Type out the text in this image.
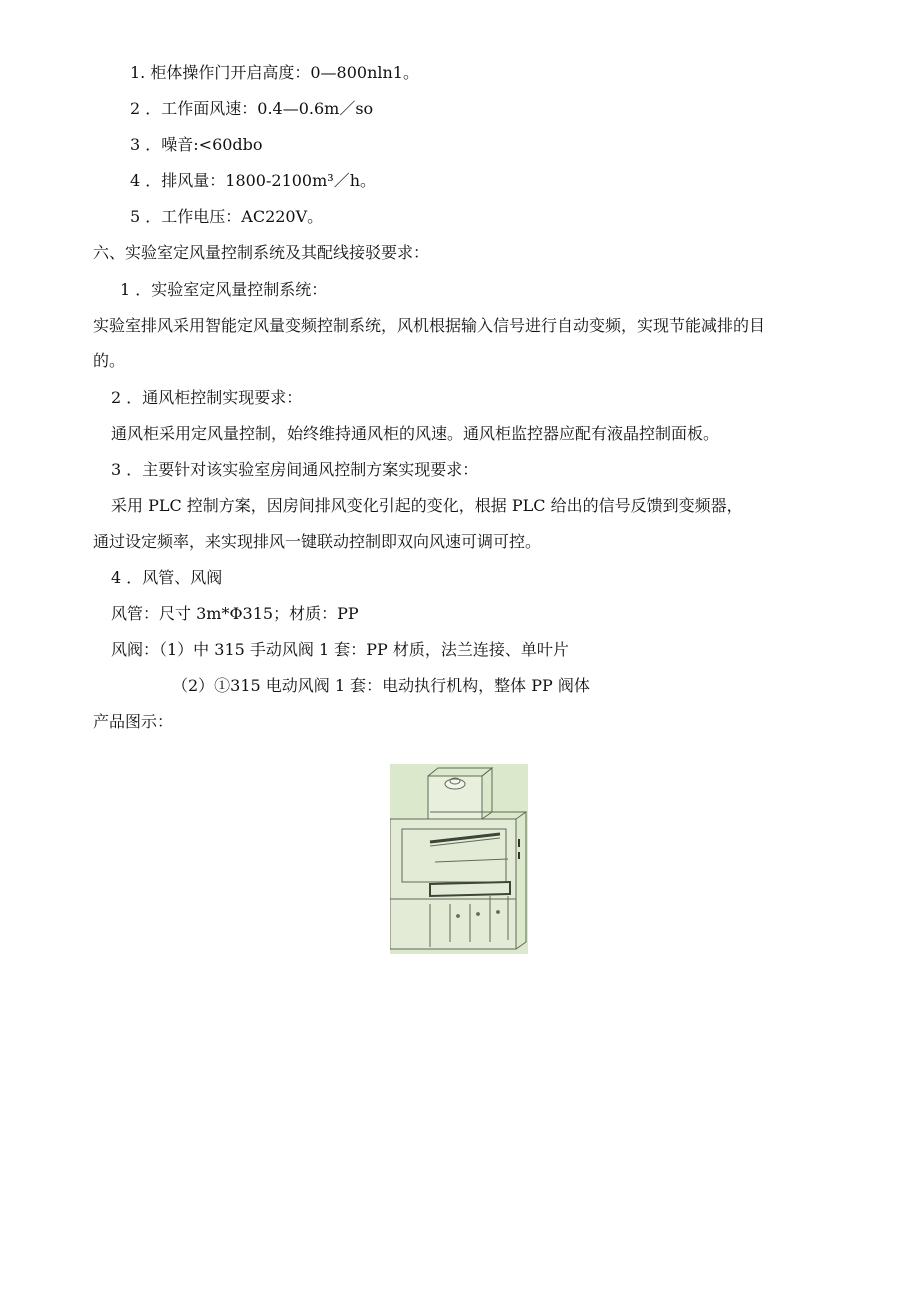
1. 柜体操作门开启高度：0—800nln1。
2 ．工作面风速：0.4—0.6m／so
3 ．噪音:<60dbo
4 ．排风量：1800-2100m³／h。
5 ．工作电压：AC220V。
六、实验室定风量控制系统及其配线接驳要求：
1 ．实验室定风量控制系统：
实验室排风采用智能定风量变频控制系统，风机根据输入信号进行自动变频，实现节能减排的目
的。
2 ．通风柜控制实现要求：
通风柜采用定风量控制，始终维持通风柜的风速。通风柜监控器应配有液晶控制面板。
3 ．主要针对该实验室房间通风控制方案实现要求：
采用 PLC 控制方案，因房间排风变化引起的变化，根据 PLC 给出的信号反馈到变频器，
通过设定频率，来实现排风一键联动控制即双向风速可调可控。
4 ．风管、风阀
风管：尺寸 3m*Φ315；材质：PP
风阀：（1）中 315 手动风阀 1 套：PP 材质，法兰连接、单叶片
（2）①315 电动风阀 1 套：电动执行机构，整体 PP 阀体
产品图示：
